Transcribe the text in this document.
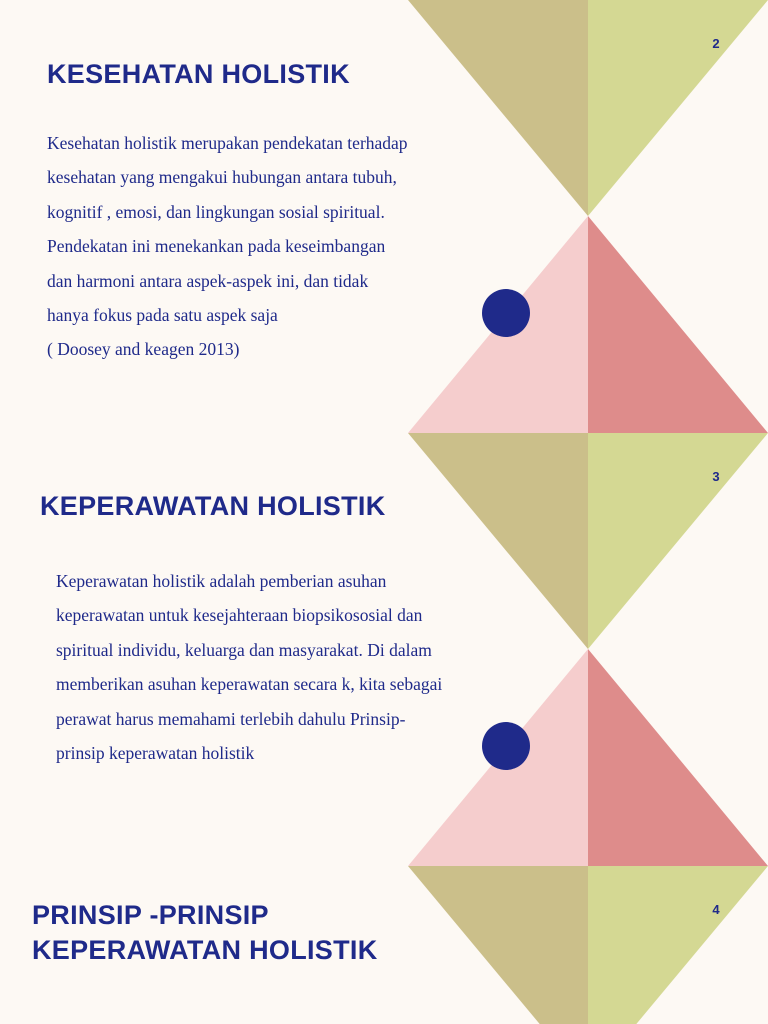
2
KESEHATAN HOLISTIK
Kesehatan holistik merupakan pendekatan terhadap
kesehatan yang mengakui hubungan antara tubuh,
kognitif , emosi, dan lingkungan sosial spiritual.
Pendekatan ini menekankan pada keseimbangan
dan harmoni antara aspek-aspek ini, dan tidak
hanya fokus pada satu aspek saja
( Doosey and keagen 2013)
3
KEPERAWATAN HOLISTIK
Keperawatan holistik adalah pemberian asuhan
keperawatan untuk kesejahteraan biopsikososial dan
spiritual individu, keluarga dan masyarakat. Di dalam
memberikan asuhan keperawatan secara k, kita sebagai
perawat harus memahami terlebih dahulu Prinsip-
prinsip keperawatan holistik
4
PRINSIP -PRINSIP
KEPERAWATAN HOLISTIK
